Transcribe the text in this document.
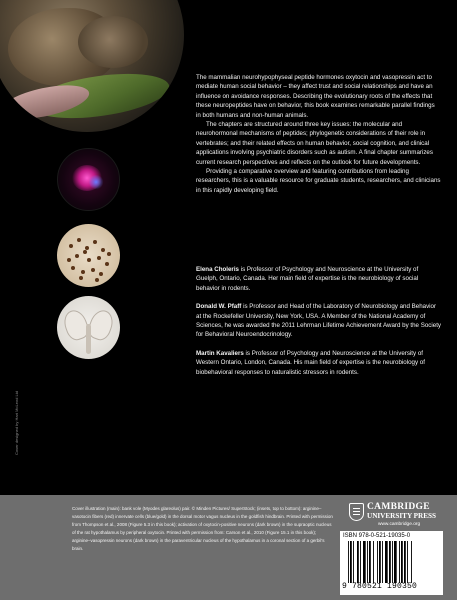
Cover designed by Hart McLeod Ltd

The mammalian neurohypophyseal peptide hormones oxytocin and vasopressin act to mediate human social behavior – they affect trust and social relationships and have an influence on avoidance responses. Describing the evolutionary roots of the effects that these neuropeptides have on behavior, this book examines remarkable parallel findings in both humans and non-human animals.

The chapters are structured around three key issues: the molecular and neurohormonal mechanisms of peptides; phylogenetic considerations of their role in vertebrates; and their related effects on human behavior, social cognition, and clinical applications involving psychiatric disorders such as autism. A final chapter summarizes current research perspectives and reflects on the outlook for future developments.

Providing a comparative overview and featuring contributions from leading researchers, this is a valuable resource for graduate students, researchers, and clinicians in this rapidly developing field.

Elena Choleris is Professor of Psychology and Neuroscience at the University of Guelph, Ontario, Canada. Her main field of expertise is the neurobiology of social behavior in rodents.
Donald W. Pfaff is Professor and Head of the Laboratory of Neurobiology and Behavior at the Rockefeller University, New York, USA. A Member of the National Academy of Sciences, he was awarded the 2011 Lehrman Lifetime Achievement Award by the Society for Behavioral Neuroendocrinology.
Martin Kavaliers is Professor of Psychology and Neuroscience at the University of Western Ontario, London, Canada. His main field of expertise is the neurobiology of biobehavioral responses to naturalistic stressors in rodents.
Cover illustration (main): bank vole (Myodes glareolus) pair. © Minden Pictures/ SuperStock; (insets, top to bottom): arginine–vasotocin fibers (red) innervate cells (blue/gold) in the dorsal motor vagus nucleus in the goldfish hindbrain. Printed with permission from Thompson et al., 2008 (Figure 5.3 in this book); activation of oxytocin-positive neurons (dark brown) in the supraoptic nucleus of the rat hypothalamus by peripheral oxytocin. Printed with permission from: Carson et al., 2010 (Figure 15.1 in this book); arginine–vasopressin neurons (dark brown) in the paraventricular nucleus of the hypothalamus in a coronal section of a gerbil’s brain.
CAMBRIDGE
UNIVERSITY PRESS
www.cambridge.org
ISBN 978-0-521-19035-0
9 780521 190350
